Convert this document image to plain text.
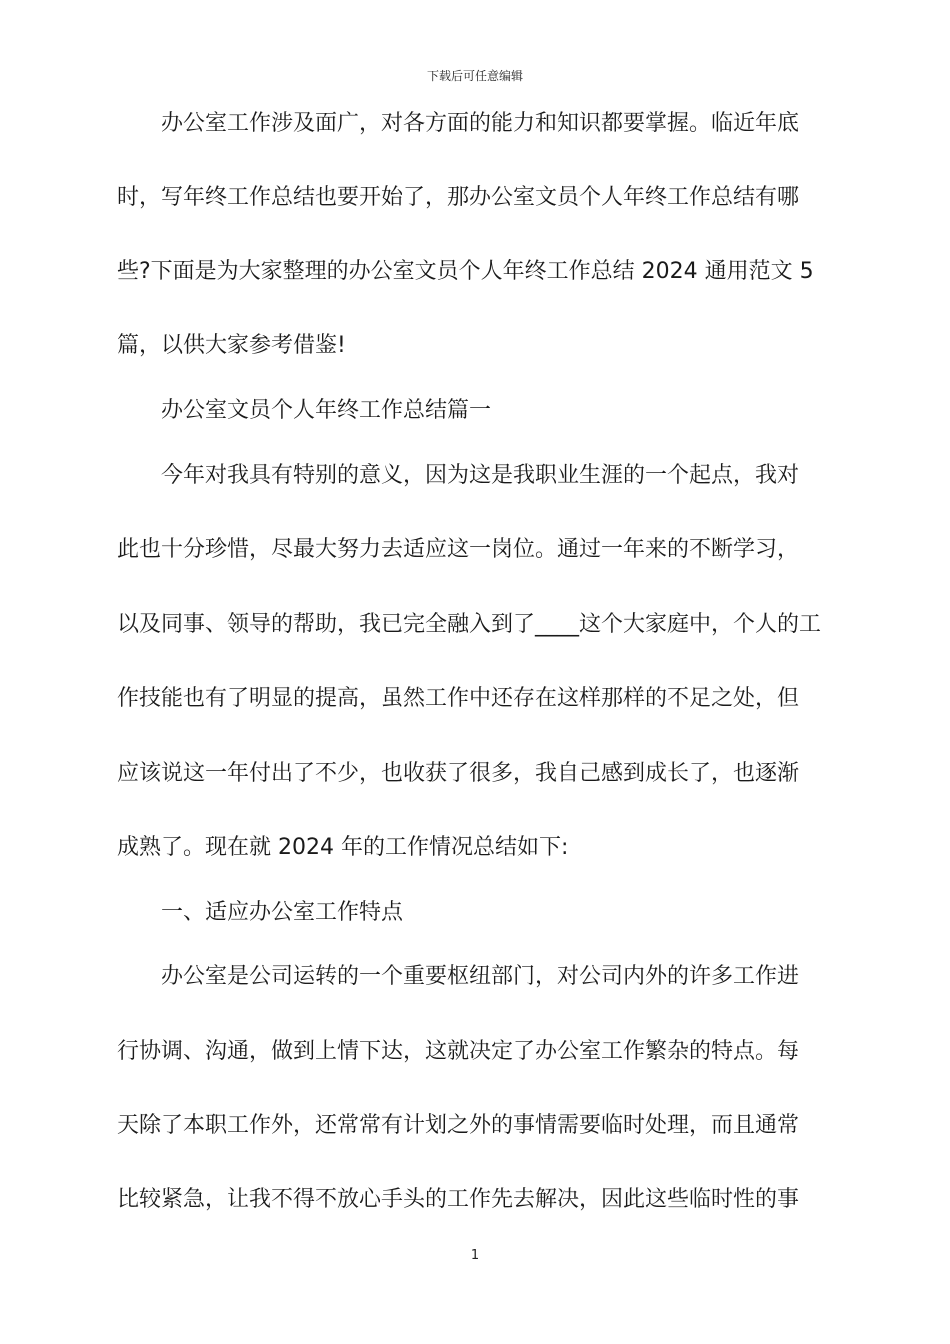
下载后可任意编辑
　　办公室工作涉及面广，对各方面的能力和知识都要掌握。临近年底
时，写年终工作总结也要开始了，那办公室文员个人年终工作总结有哪
些?下面是为大家整理的办公室文员个人年终工作总结 2024 通用范文 5
篇，以供大家参考借鉴!
　　办公室文员个人年终工作总结篇一
　　今年对我具有特别的意义，因为这是我职业生涯的一个起点，我对
此也十分珍惜，尽最大努力去适应这一岗位。通过一年来的不断学习，
以及同事、领导的帮助，我已完全融入到了____这个大家庭中，个人的工
作技能也有了明显的提高，虽然工作中还存在这样那样的不足之处，但
应该说这一年付出了不少，也收获了很多，我自己感到成长了，也逐渐
成熟了。现在就 2024 年的工作情况总结如下:
　　一、适应办公室工作特点
　　办公室是公司运转的一个重要枢纽部门，对公司内外的许多工作进
行协调、沟通，做到上情下达，这就决定了办公室工作繁杂的特点。每
天除了本职工作外，还常常有计划之外的事情需要临时处理，而且通常
比较紧急，让我不得不放心手头的工作先去解决，因此这些临时性的事
1
